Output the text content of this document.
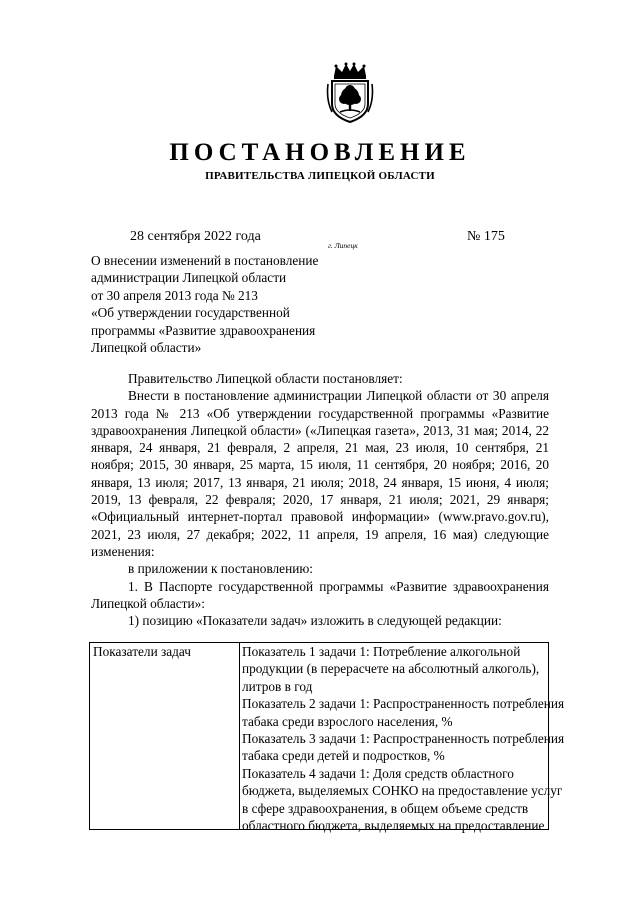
ПОСТАНОВЛЕНИЕ
ПРАВИТЕЛЬСТВА ЛИПЕЦКОЙ ОБЛАСТИ
28 сентября 2022 года
г. Липецк
№ 175
О внесении изменений в постановление
администрации Липецкой области
от 30 апреля 2013 года № 213
«Об утверждении государственной
программы «Развитие здравоохранения
Липецкой области»

Правительство Липецкой области постановляет:

Внести в постановление администрации Липецкой области от 30 апреля 2013 года № 213 «Об утверждении государственной программы «Развитие здравоохранения Липецкой области» («Липецкая газета», 2013, 31 мая; 2014, 22 января, 24 января, 21 февраля, 2 апреля, 21 мая, 23 июля, 10 сентября, 21 ноября; 2015, 30 января, 25 марта, 15 июля, 11 сентября, 20 ноября; 2016, 20 января, 13 июля; 2017, 13 января, 21 июля; 2018, 24 января, 15 июня, 4 июля; 2019, 13 февраля, 22 февраля; 2020, 17 января, 21 июля; 2021, 29 января; «Официальный интернет-портал правовой информации» (www.pravo.gov.ru), 2021, 23 июля, 27 декабря; 2022, 11 апреля, 19 апреля, 16 мая) следующие изменения:

в приложении к постановлению:

1. В Паспорте государственной программы «Развитие здравоохранения Липецкой области»:

1) позицию «Показатели задач» изложить в следующей редакции:

Показатели задач	Показатель 1 задачи 1: Потребление алкогольной
продукции (в перерасчете на абсолютный алкоголь),
литров в год
Показатель 2 задачи 1: Распространенность потребления
табака среди взрослого населения, %
Показатель 3 задачи 1: Распространенность потребления
табака среди детей и подростков, %
Показатель 4 задачи 1: Доля средств областного
бюджета, выделяемых СОНКО на предоставление услуг
в сфере здравоохранения, в общем объеме средств
областного бюджета, выделяемых на предоставление
